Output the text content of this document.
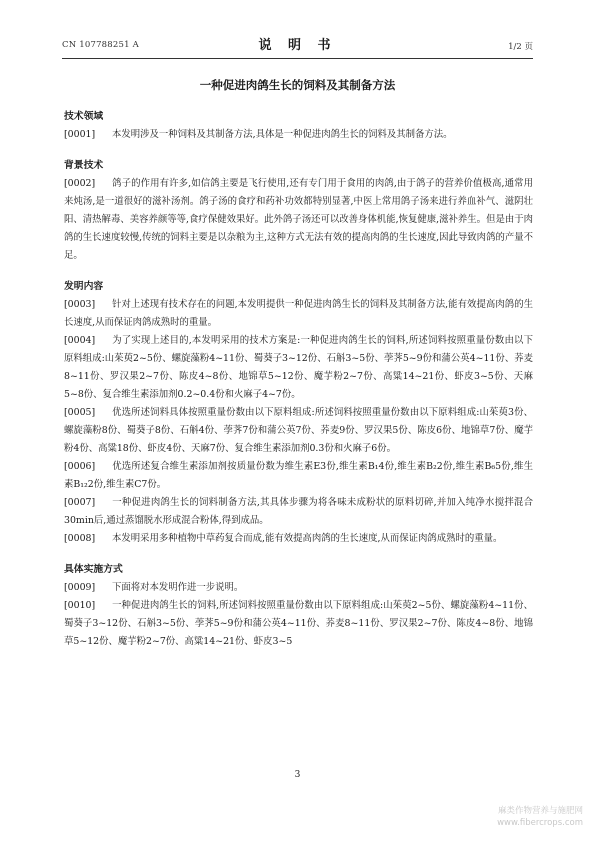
CN 107788251 A	说 明 书	1/2 页
一种促进肉鸽生长的饲料及其制备方法
技术领域
[0001] 本发明涉及一种饲料及其制备方法,具体是一种促进肉鸽生长的饲料及其制备方法。
背景技术
[0002] 鸽子的作用有许多,如信鸽主要是飞行使用,还有专门用于食用的肉鸽,由于鸽子的营养价值极高,通常用来炖汤,是一道很好的滋补汤剂。鸽子汤的食疗和药补功效都特别显著,中医上常用鸽子汤来进行养血补气、滋阴壮阳、清热解毒、美容养颜等等,食疗保健效果好。此外鸽子汤还可以改善身体机能,恢复健康,滋补养生。但是由于肉鸽的生长速度较慢,传统的饲料主要是以杂粮为主,这种方式无法有效的提高肉鸽的生长速度,因此导致肉鸽的产量不足。
发明内容
[0003] 针对上述现有技术存在的问题,本发明提供一种促进肉鸽生长的饲料及其制备方法,能有效提高肉鸽的生长速度,从而保证肉鸽成熟时的重量。
[0004] 为了实现上述目的,本发明采用的技术方案是:一种促进肉鸽生长的饲料,所述饲料按照重量份数由以下原料组成:山茱萸2~5份、螺旋藻粉4~11份、蜀葵子3~12份、石斛3~5份、荸荠5~9份和蒲公英4~11份、荞麦8~11份、罗汉果2~7份、陈皮4~8份、地锦草5~12份、魔芋粉2~7份、高粱14~21份、虾皮3~5份、天麻5~8份、复合维生素添加剂0.2~0.4份和火麻子4~7份。
[0005] 优选所述饲料具体按照重量份数由以下原料组成:所述饲料按照重量份数由以下原料组成:山茱萸3份、螺旋藻粉8份、蜀葵子8份、石斛4份、荸荠7份和蒲公英7份、荞麦9份、罗汉果5份、陈皮6份、地锦草7份、魔芋粉4份、高粱18份、虾皮4份、天麻7份、复合维生素添加剂0.3份和火麻子6份。
[0006] 优选所述复合维生素添加剂按质量份数为维生素E3份,维生素B₁4份,维生素B₂2份,维生素B₆5份,维生素B₁₂2份,维生素C7份。
[0007] 一种促进肉鸽生长的饲料制备方法,其具体步骤为将各味未成粉状的原料切碎,并加入纯净水搅拌混合30min后,通过蒸馏脱水形成混合粉体,得到成品。
[0008] 本发明采用多种植物中草药复合而成,能有效提高肉鸽的生长速度,从而保证肉鸽成熟时的重量。
具体实施方式
[0009] 下面将对本发明作进一步说明。
[0010] 一种促进肉鸽生长的饲料,所述饲料按照重量份数由以下原料组成:山茱萸2~5份、螺旋藻粉4~11份、蜀葵子3~12份、石斛3~5份、荸荠5~9份和蒲公英4~11份、荞麦8~11份、罗汉果2~7份、陈皮4~8份、地锦草5~12份、魔芋粉2~7份、高粱14~21份、虾皮3~5
3
麻类作物营养与施肥网
www.fibercrops.com
